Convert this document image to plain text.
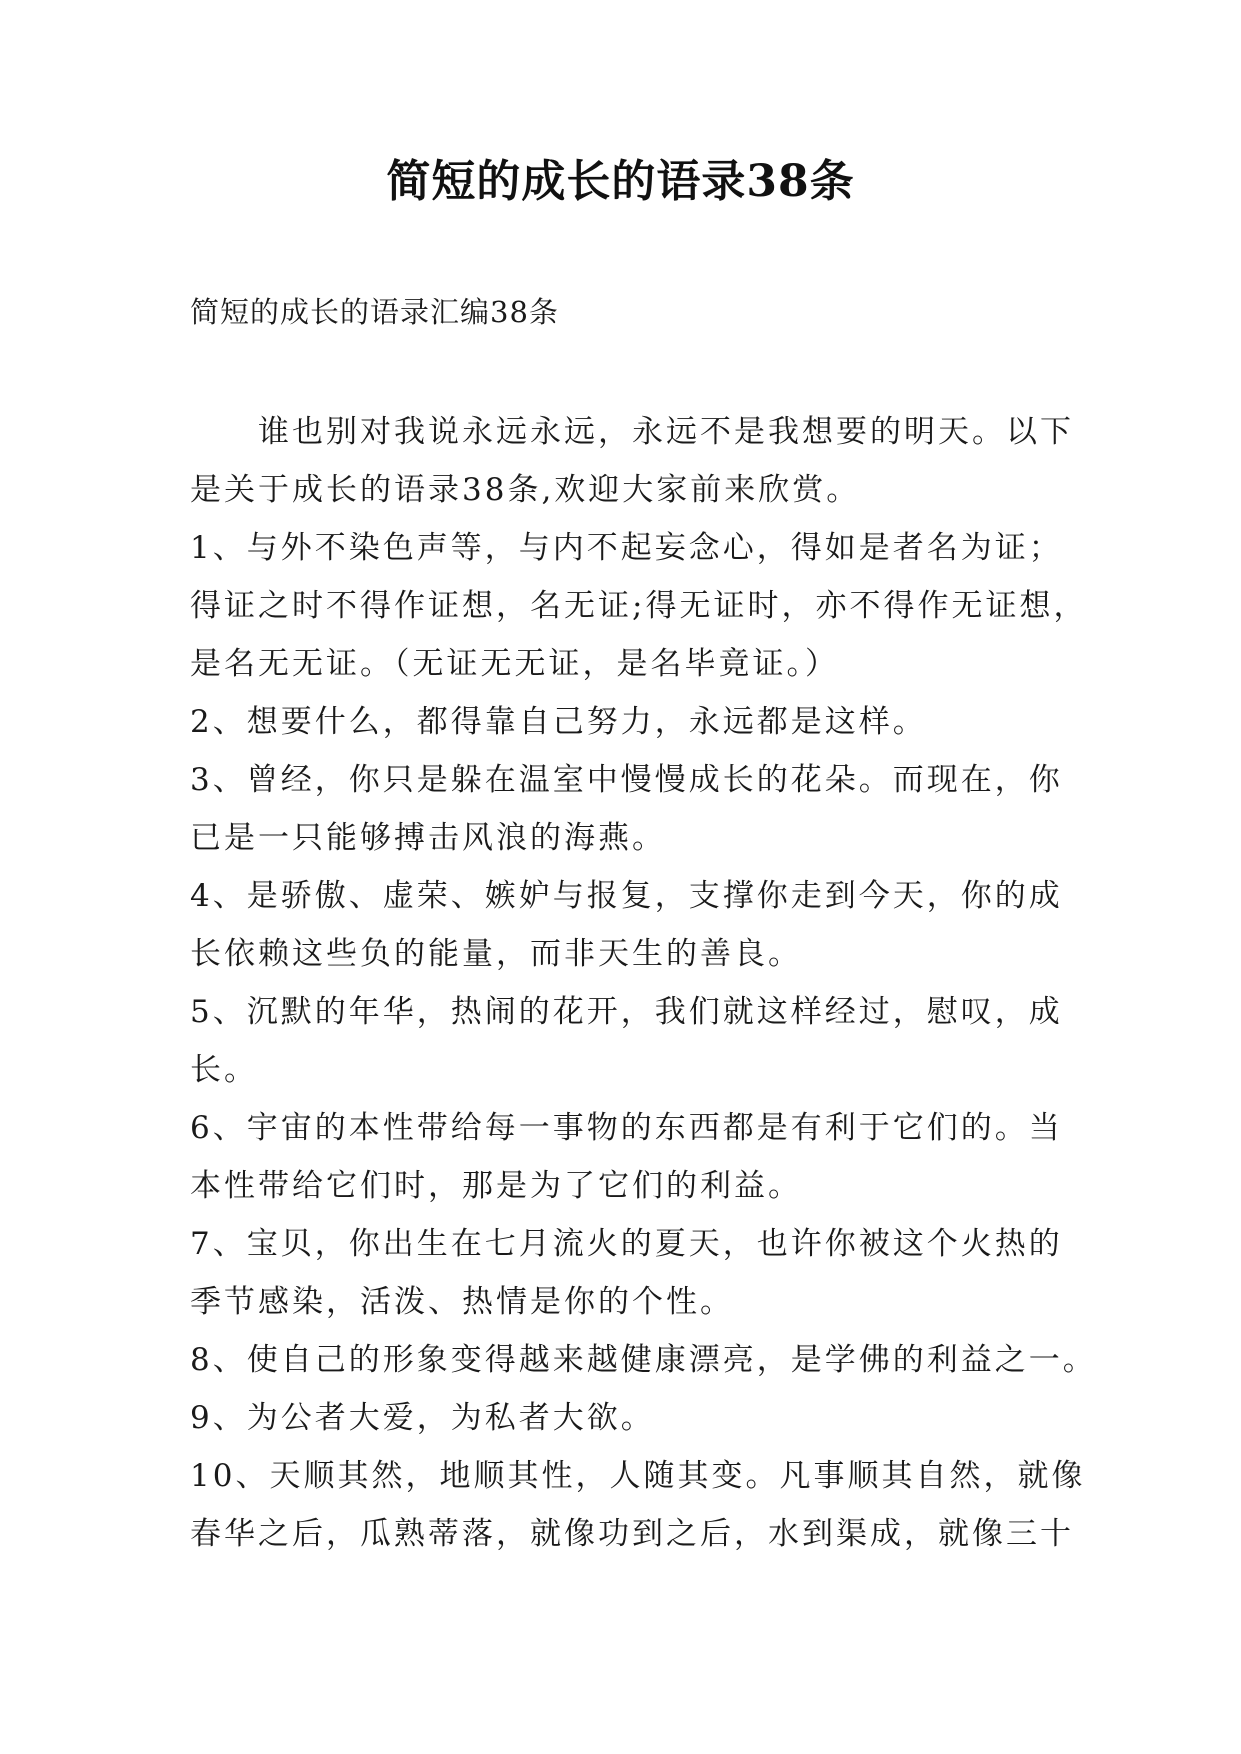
简短的成长的语录38条
简短的成长的语录汇编38条
谁也别对我说永远永远，永远不是我想要的明天。以下
是关于成长的语录38条,欢迎大家前来欣赏。
1、与外不染色声等，与内不起妄念心，得如是者名为证；
得证之时不得作证想，名无证;得无证时，亦不得作无证想，
是名无无证。（无证无无证，是名毕竟证。）
2、想要什么，都得靠自己努力，永远都是这样。
3、曾经，你只是躲在温室中慢慢成长的花朵。而现在，你
已是一只能够搏击风浪的海燕。
4、是骄傲、虚荣、嫉妒与报复，支撑你走到今天，你的成
长依赖这些负的能量，而非天生的善良。
5、沉默的年华，热闹的花开，我们就这样经过，慰叹，成
长。
6、宇宙的本性带给每一事物的东西都是有利于它们的。当
本性带给它们时，那是为了它们的利益。
7、宝贝，你出生在七月流火的夏天，也许你被这个火热的
季节感染，活泼、热情是你的个性。
8、使自己的形象变得越来越健康漂亮，是学佛的利益之一。
9、为公者大爱，为私者大欲。
10、天顺其然，地顺其性，人随其变。凡事顺其自然，就像
春华之后，瓜熟蒂落，就像功到之后，水到渠成，就像三十
